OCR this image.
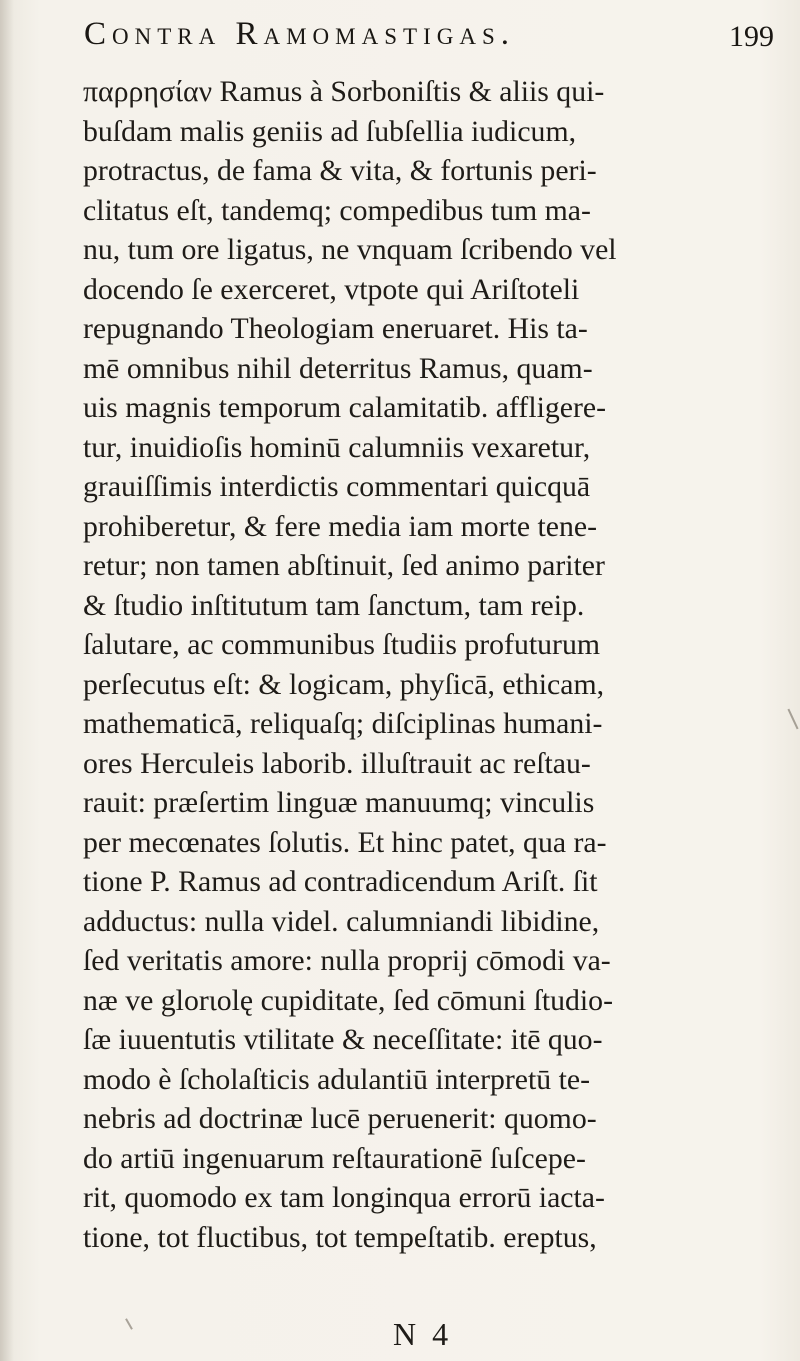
Contra Ramomastigas.	199
παρρησίαν Ramus à Sorboniſtis & aliis qui-
buſdam malis geniis ad ſubſellia iudicum,
protractus, de fama & vita, & fortunis peri-
clitatus eſt, tandemq; compedibus tum ma-
nu, tum ore ligatus, ne vnquam ſcribendo vel
docendo ſe exerceret, vtpote qui Ariſtoteli
repugnando Theologiam eneruaret. His ta-
mē omnibus nihil deterritus Ramus, quam-
uis magnis temporum calamitatib. affligere-
tur, inuidioſis hominū calumniis vexaretur,
grauiſſimis interdictis commentari quicquā
prohiberetur, & fere media iam morte tene-
retur; non tamen abſtinuit, ſed animo pariter
& ſtudio inſtitutum tam ſanctum, tam reip.
ſalutare, ac communibus ſtudiis profuturum
perſecutus eſt: & logicam, phyſicā, ethicam,
mathematicā, reliquaſq; diſciplinas humani-
ores Herculeis laborib. illuſtrauit ac reſtau-
rauit: præſertim linguæ manuumq; vinculis
per mecœnates ſolutis. Et hinc patet, qua ra-
tione P. Ramus ad contradicendum Ariſt. ſit
adductus: nulla videl. calumniandi libidine,
ſed veritatis amore: nulla proprij cōmodi va-
næ ve glorιolę cupiditate, ſed cōmuni ſtudio-
ſæ iuuentutis vtilitate & neceſſitate: itē quo-
modo è ſcholaſticis adulantiū interpretū te-
nebris ad doctrinæ lucē peruenerit: quomo-
do artiū ingenuarum reſtaurationē ſuſcepe-
rit, quomodo ex tam longinqua errorū iacta-
tione, tot fluctibus, tot tempeſtatib. ereptus,
N 4
